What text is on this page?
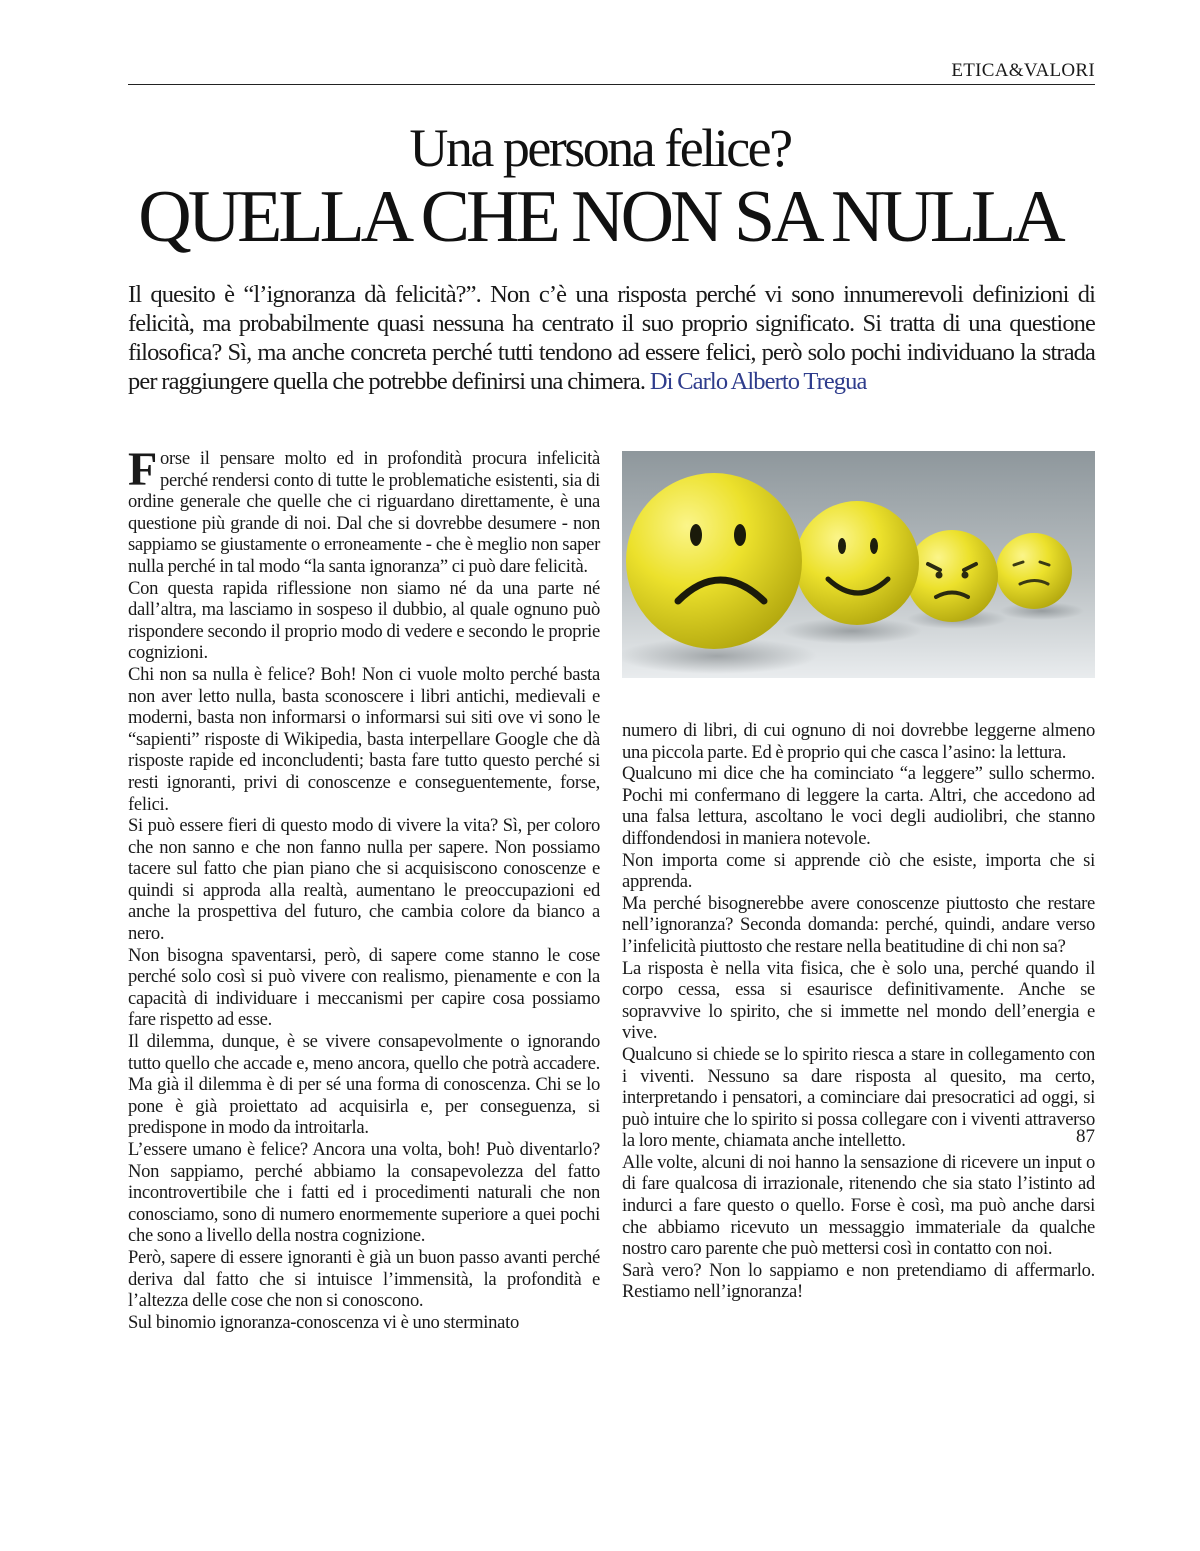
ETICA&VALORI
Una persona felice?
QUELLA CHE NON SA NULLA
Il quesito è “l’ignoranza dà felicità?”. Non c’è una risposta perché vi sono innumerevoli definizioni di felicità, ma probabilmente quasi nessuna ha centrato il suo proprio significato. Si tratta di una questione filosofica? Sì, ma anche concreta perché tutti tendono ad essere felici, però solo pochi individuano la strada per raggiungere quella che potrebbe definirsi una chimera. Di Carlo Alberto Tregua

Forse il pensare molto ed in profondità procura infelicità perché rendersi conto di tutte le problematiche esistenti, sia di ordine generale che quelle che ci riguardano direttamente, è una questione più grande di noi. Dal che si dovrebbe desumere - non sappiamo se giustamente o erroneamente - che è meglio non saper nulla perché in tal modo “la santa ignoranza” ci può dare felicità.

Con questa rapida riflessione non siamo né da una parte né dall’altra, ma lasciamo in sospeso il dubbio, al quale ognuno può rispondere secondo il proprio modo di vedere e secondo le proprie cognizioni.

Chi non sa nulla è felice? Boh! Non ci vuole molto perché basta non aver letto nulla, basta sconoscere i libri antichi, medievali e moderni, basta non informarsi o informarsi sui siti ove vi sono le “sapienti” risposte di Wikipedia, basta interpellare Google che dà risposte rapide ed inconcludenti; basta fare tutto questo perché si resti ignoranti, privi di conoscenze e conseguentemente, forse, felici.

Si può essere fieri di questo modo di vivere la vita? Sì, per coloro che non sanno e che non fanno nulla per sapere. Non possiamo tacere sul fatto che pian piano che si acquisiscono conoscenze e quindi si approda alla realtà, aumentano le preoccupazioni ed anche la prospettiva del futuro, che cambia colore da bianco a nero.

Non bisogna spaventarsi, però, di sapere come stanno le cose perché solo così si può vivere con realismo, pienamente e con la capacità di individuare i meccanismi per capire cosa possiamo fare rispetto ad esse.

Il dilemma, dunque, è se vivere consapevolmente o ignorando tutto quello che accade e, meno ancora, quello che potrà accadere. Ma già il dilemma è di per sé una forma di conoscenza. Chi se lo pone è già proiettato ad acquisirla e, per conseguenza, si predispone in modo da introitarla.

L’essere umano è felice? Ancora una volta, boh! Può diventarlo? Non sappiamo, perché abbiamo la consapevolezza del fatto incontrovertibile che i fatti ed i procedimenti naturali che non conosciamo, sono di numero enormemente superiore a quei pochi che sono a livello della nostra cognizione.

Però, sapere di essere ignoranti è già un buon passo avanti perché deriva dal fatto che si intuisce l’immensità, la profondità e l’altezza delle cose che non si conoscono.

Sul binomio ignoranza-conoscenza vi è uno sterminato

numero di libri, di cui ognuno di noi dovrebbe leggerne almeno una piccola parte. Ed è proprio qui che casca l’asino: la lettura.

Qualcuno mi dice che ha cominciato “a leggere” sullo schermo. Pochi mi confermano di leggere la carta. Altri, che accedono ad una falsa lettura, ascoltano le voci degli audiolibri, che stanno diffondendosi in maniera notevole.

Non importa come si apprende ciò che esiste, importa che si apprenda.

Ma perché bisognerebbe avere conoscenze piuttosto che restare nell’ignoranza? Seconda domanda: perché, quindi, andare verso l’infelicità piuttosto che restare nella beatitudine di chi non sa?

La risposta è nella vita fisica, che è solo una, perché quando il corpo cessa, essa si esaurisce definitivamente. Anche se sopravvive lo spirito, che si immette nel mondo dell’energia e vive.

Qualcuno si chiede se lo spirito riesca a stare in collegamento con i viventi. Nessuno sa dare risposta al quesito, ma certo, interpretando i pensatori, a cominciare dai presocratici ad oggi, si può intuire che lo spirito si possa collegare con i viventi attraverso la loro mente, chiamata anche intelletto.

Alle volte, alcuni di noi hanno la sensazione di ricevere un input o di fare qualcosa di irrazionale, ritenendo che sia stato l’istinto ad indurci a fare questo o quello. Forse è così, ma può anche darsi che abbiamo ricevuto un messaggio immateriale da qualche nostro caro parente che può mettersi così in contatto con noi.

Sarà vero? Non lo sappiamo e non pretendiamo di affermarlo. Restiamo nell’ignoranza!

87
